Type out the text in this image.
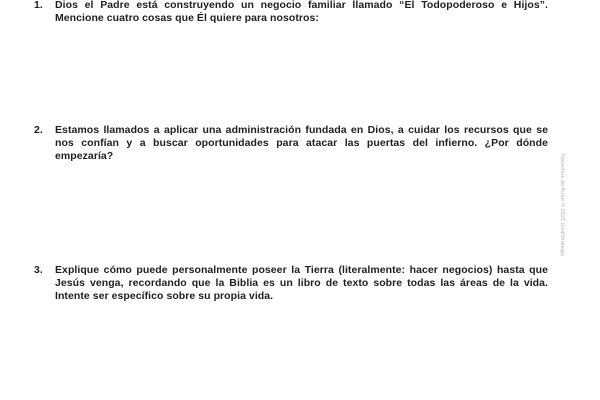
1.	Dios el Padre está construyendo un negocio familiar llamado “El Todopoderoso e Hijos”. Mencione cuatro cosas que Él quiere para nosotros:
2.	Estamos llamados a aplicar una administración fundada en Dios, a cuidar los recursos que se nos confían y a buscar oportunidades para atacar las puertas del infierno. ¿Por dónde empezaría?
3.	Explique cómo puede personalmente poseer la Tierra (literalmente: hacer negocios) hasta que Jesús venga, recordando que la Biblia es un libro de texto sobre todas las áreas de la vida. Intente ser específico sobre su propia vida.
Derechos de Autor © 2021 GodStrategic
